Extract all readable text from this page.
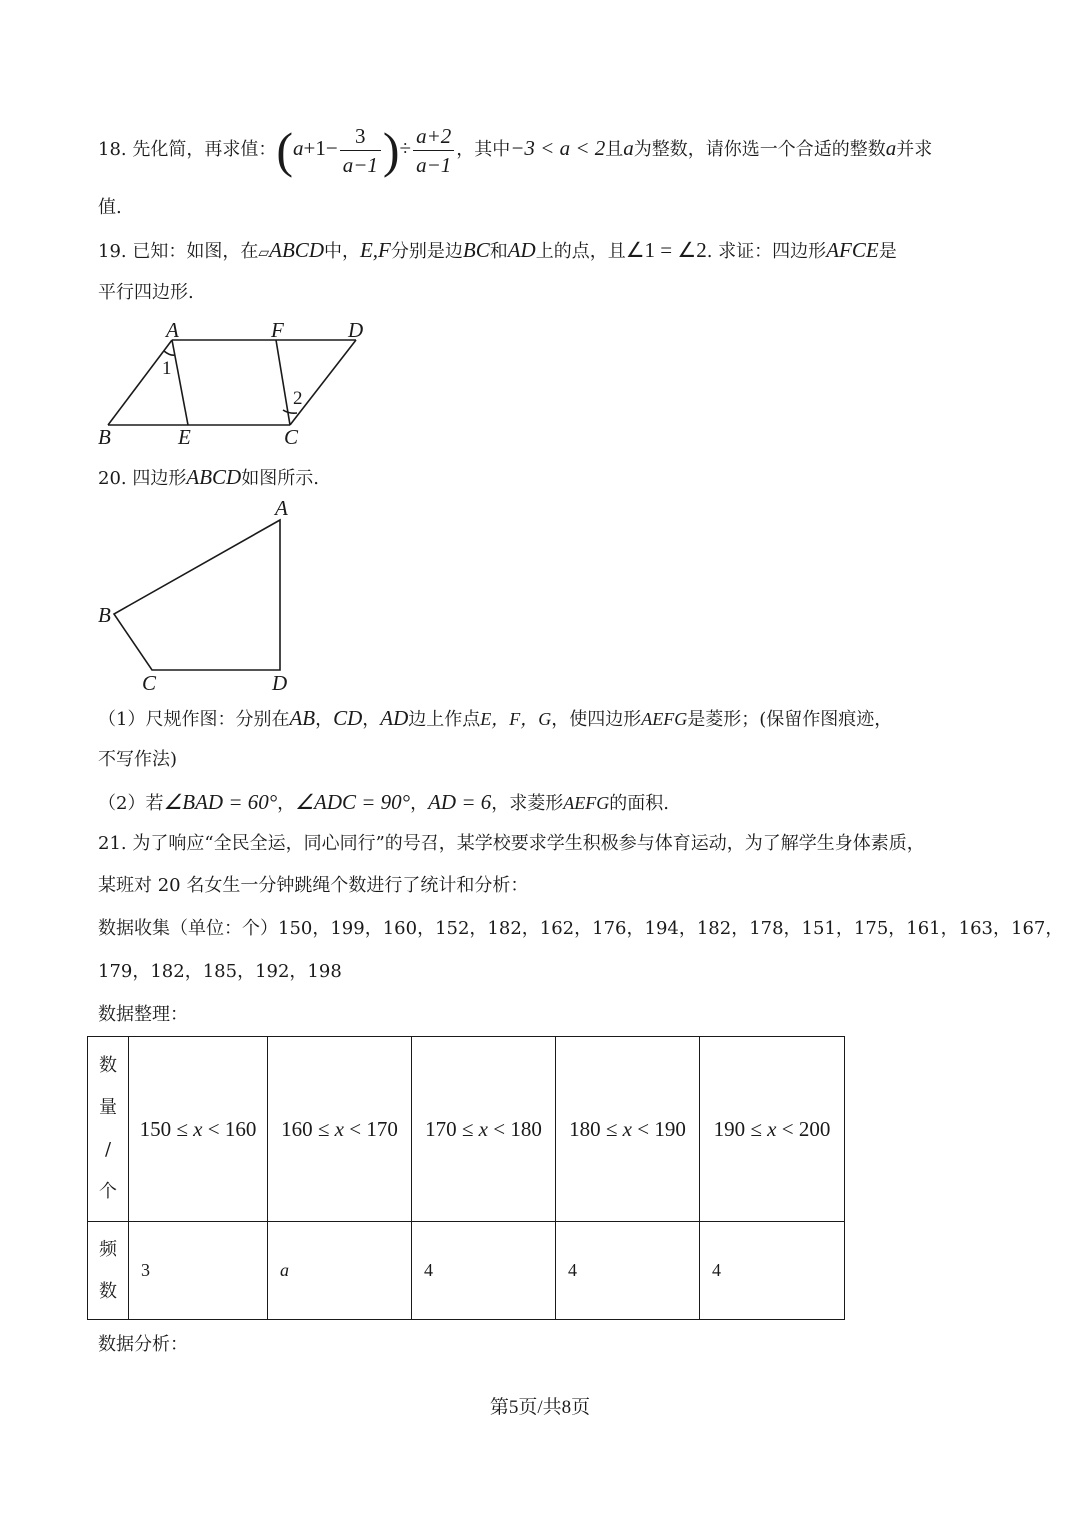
18. 先化简，再求值：($a+1- \frac{3}{a-1}$ )÷ $\frac{a+2}{a-1}$ ，其中−3 < a < 2且a为整数，请你选一个合适的整数a并求
值.
19. 已知：如图，在▱ABCD中，E,F分别是边BC和AD上的点，且∠1 = ∠2. 求证：四边形AFCE是
平行四边形.
A	F	D
B	E	C
1
2
20. 四边形ABCD如图所示.
A
B
C	D
（1）尺规作图：分别在AB，CD，AD边上作点E，F，G，使四边形AEFG是菱形；(保留作图痕迹，
不写作法)
（2）若∠BAD = 60°，∠ADC = 90°，AD = 6，求菱形AEFG的面积.
21. 为了响应“全民全运，同心同行”的号召，某学校要求学生积极参与体育运动，为了解学生身体素质，
某班对 20 名女生一分钟跳绳个数进行了统计和分析：
数据收集（单位：个）150，199，160，152，182，162，176，194，182，178，151，175，161，163，167，
179，182，185，192，198
数据整理：
数
量
/
个	150 ≤ x < 160	160 ≤ x < 170	170 ≤ x < 180	180 ≤ x < 190	190 ≤ x < 200

频
数	3	a	4	4	4
数据分析：
第5页/共8页
